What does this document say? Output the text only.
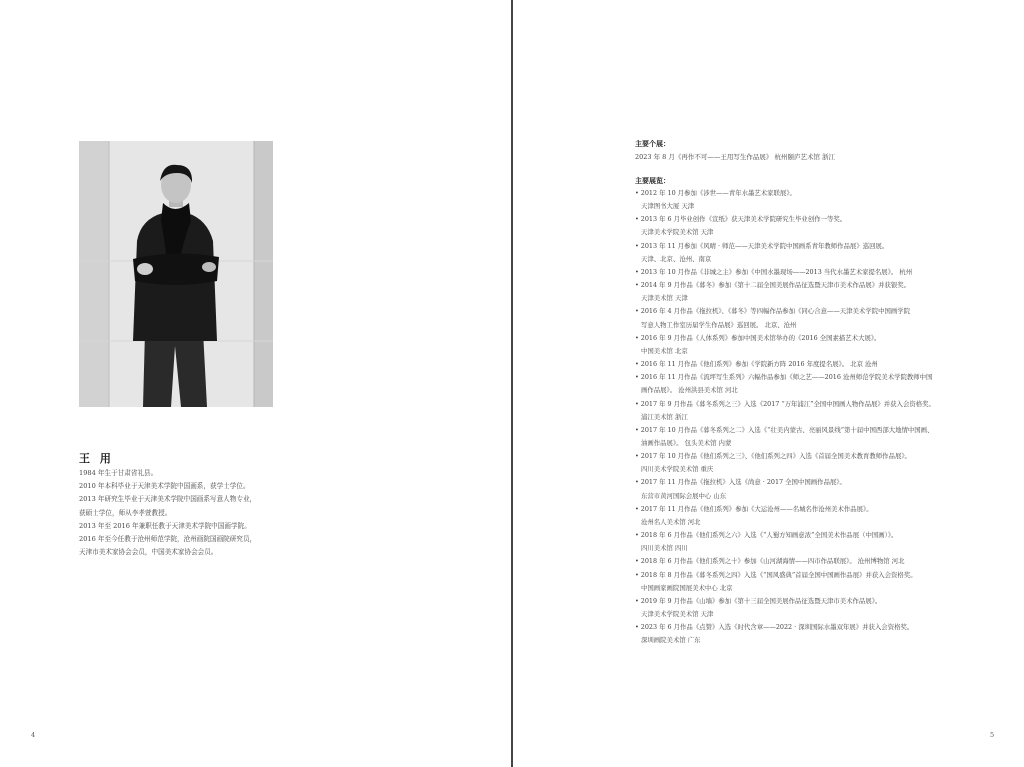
王 用
1984 年生于甘肃省礼县。
2010 年本科毕业于天津美术学院中国画系，获学士学位。
2013 年研究生毕业于天津美术学院中国画系写意人物专业，
获硕士学位，师从李孝萱教授。
2013 年至 2016 年兼职任教于天津美术学院中国画学院。
2016 年至今任教于沧州师范学院，沧州画院国画院研究员，
天津市美术家协会会员，中国美术家协会会员。
4
主要个展：
2023 年 8 月《再作不可——王用写生作品展》 杭州颐庐艺术馆 浙江
主要展览：
• 2012 年 10 月参加《涉世——青年水墨艺术家联展》。
天津图书大厦 天津
• 2013 年 6 月毕业创作《宣纸》获天津美术学院研究生毕业创作一等奖。
天津美术学院美术馆 天津
• 2013 年 11 月参加《风晴 · 师范——天津美术学院中国画系青年教师作品展》巡回展。
天津、北京、沧州、南京
• 2013 年 10 月作品《非城之主》参加《中国水墨现场——2013 当代水墨艺术家提名展》。 杭州
• 2014 年 9 月作品《暮冬》参加《第十二届全国美展作品征选暨天津市美术作品展》并获银奖。
天津美术馆 天津
• 2016 年 4 月作品《拖拉机》、《暮冬》等四幅作品参加《同心合意——天津美术学院中国画学院
写意人物工作室历届学生作品展》巡回展。 北京、沧州
• 2016 年 9 月作品《人体系列》参加中国美术馆举办的《2016 全国素描艺术大展》。
中国美术馆 北京
• 2016 年 11 月作品《他们系列》参加《学院新方阵 2016 年度提名展》。 北京 沧州
• 2016 年 11 月作品《流坪写生系列》六幅作品参加《师之艺——2016 沧州师范学院美术学院教师中国
画作品展》。 沧州洪县美术馆 河北
• 2017 年 9 月作品《暮冬系列之三》入选《2017 “万年浦江”全国中国画人物作品展》并获入会资格奖。
浦江美术馆 浙江
• 2017 年 10 月作品《暮冬系列之二》入选《“壮美内蒙古、亮丽风景线”第十届中国西部大地情中国画、
油画作品展》。 包头美术馆 内蒙
• 2017 年 10 月作品《他们系列之三》、《他们系列之四》入选《首届全国美术教育教师作品展》。
四川美术学院美术馆 重庆
• 2017 年 11 月作品《拖拉机》入选《尚意 · 2017 全国中国画作品展》。
东营市黄河国际会展中心 山东
• 2017 年 11 月作品《他们系列》参加《大运沧州——名城名作沧州美术作品展》。
沧州名人美术馆 河北
• 2018 年 6 月作品《他们系列之六》入选《“人蜀方知画意浓”全国美术作品展（中国画）》。
四川美术馆 四川
• 2018 年 6 月作品《他们系列之十》参加《山河湖海情——四市作品联展》。 沧州博物馆 河北
• 2018 年 8 月作品《暮冬系列之四》入选《“国风盛典”首届全国中国画作品展》并获入会资格奖。
中国画家画院国展美术中心 北京
• 2019 年 9 月作品《山墙》参加《第十三届全国美展作品征选暨天津市美术作品展》。
天津美术学院美术馆 天津
• 2023 年 6 月作品《点赞》入选《时代含章——2022 · 深圳国际水墨双年展》并获入会资格奖。
深圳画院美术馆 广东
5
